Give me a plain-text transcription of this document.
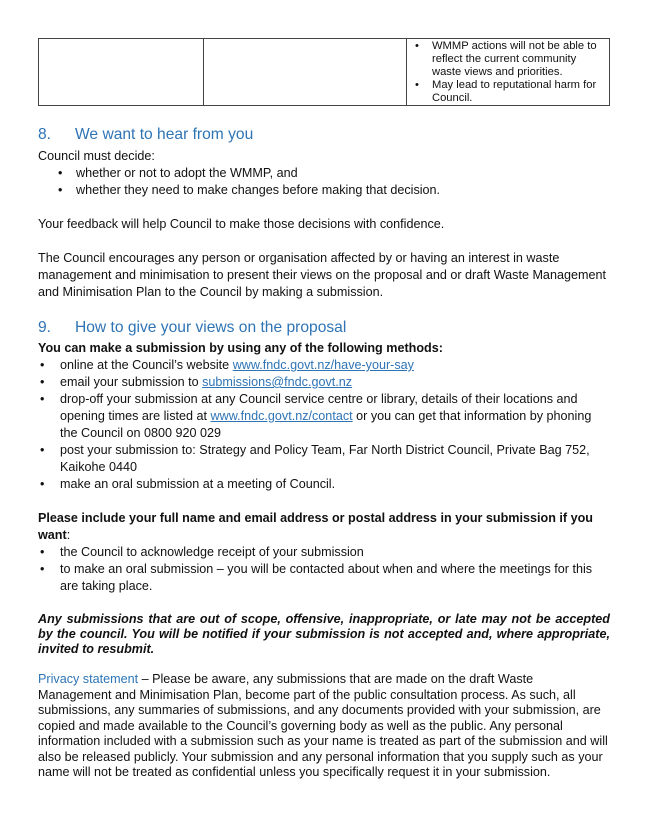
• WMMP actions will not be able to reflect the current community waste views and priorities.
• May lead to reputational harm for Council.
8. We want to hear from you

Council must decide:

• whether or not to adopt the WMMP, and
• whether they need to make changes before making that decision.

Your feedback will help Council to make those decisions with confidence.

The Council encourages any person or organisation affected by or having an interest in waste management and minimisation to present their views on the proposal and or draft Waste Management and Minimisation Plan to the Council by making a submission.

9. How to give your views on the proposal

You can make a submission by using any of the following methods:

• online at the Council’s website www.fndc.govt.nz/have-your-say
• email your submission to submissions@fndc.govt.nz
• drop-off your submission at any Council service centre or library, details of their locations and opening times are listed at www.fndc.govt.nz/contact or you can get that information by phoning the Council on 0800 920 029
• post your submission to: Strategy and Policy Team, Far North District Council, Private Bag 752, Kaikohe 0440
• make an oral submission at a meeting of Council.

Please include your full name and email address or postal address in your submission if you want:

• the Council to acknowledge receipt of your submission
• to make an oral submission – you will be contacted about when and where the meetings for this are taking place.

Any submissions that are out of scope, offensive, inappropriate, or late may not be accepted by the council. You will be notified if your submission is not accepted and, where appropriate, invited to resubmit.

Privacy statement – Please be aware, any submissions that are made on the draft Waste Management and Minimisation Plan, become part of the public consultation process. As such, all submissions, any summaries of submissions, and any documents provided with your submission, are copied and made available to the Council’s governing body as well as the public. Any personal information included with a submission such as your name is treated as part of the submission and will also be released publicly. Your submission and any personal information that you supply such as your name will not be treated as confidential unless you specifically request it in your submission.
